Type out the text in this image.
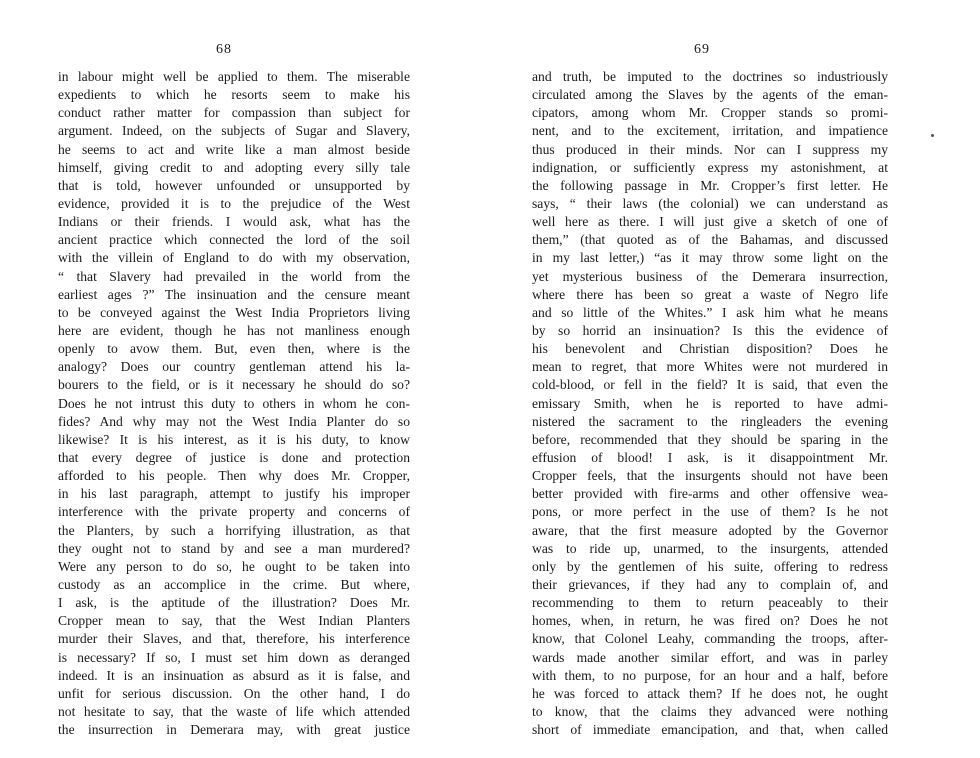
68
in labour might well be applied to them. The miserable
expedients to which he resorts seem to make his
conduct rather matter for compassion than subject for
argument. Indeed, on the subjects of Sugar and Slavery,
he seems to act and write like a man almost beside
himself, giving credit to and adopting every silly tale
that is told, however unfounded or unsupported by
evidence, provided it is to the prejudice of the West
Indians or their friends. I would ask, what has the
ancient practice which connected the lord of the soil
with the villein of England to do with my observation,
“ that Slavery had prevailed in the world from the
earliest ages ?” The insinuation and the censure meant
to be conveyed against the West India Proprietors living
here are evident, though he has not manliness enough
openly to avow them. But, even then, where is the
analogy? Does our country gentleman attend his la-
bourers to the field, or is it necessary he should do so?
Does he not intrust this duty to others in whom he con-
fides? And why may not the West India Planter do so
likewise? It is his interest, as it is his duty, to know
that every degree of justice is done and protection
afforded to his people. Then why does Mr. Cropper,
in his last paragraph, attempt to justify his improper
interference with the private property and concerns of
the Planters, by such a horrifying illustration, as that
they ought not to stand by and see a man murdered?
Were any person to do so, he ought to be taken into
custody as an accomplice in the crime. But where,
I ask, is the aptitude of the illustration? Does Mr.
Cropper mean to say, that the West Indian Planters
murder their Slaves, and that, therefore, his interference
is necessary? If so, I must set him down as deranged
indeed. It is an insinuation as absurd as it is false, and
unfit for serious discussion. On the other hand, I do
not hesitate to say, that the waste of life which attended
the insurrection in Demerara may, with great justice
69
and truth, be imputed to the doctrines so industriously
circulated among the Slaves by the agents of the eman-
cipators, among whom Mr. Cropper stands so promi-
nent, and to the excitement, irritation, and impatience
thus produced in their minds. Nor can I suppress my
indignation, or sufficiently express my astonishment, at
the following passage in Mr. Cropper’s first letter. He
says, “ their laws (the colonial) we can understand as
well here as there. I will just give a sketch of one of
them,” (that quoted as of the Bahamas, and discussed
in my last letter,) “as it may throw some light on the
yet mysterious business of the Demerara insurrection,
where there has been so great a waste of Negro life
and so little of the Whites.” I ask him what he means
by so horrid an insinuation? Is this the evidence of
his benevolent and Christian disposition? Does he
mean to regret, that more Whites were not murdered in
cold-blood, or fell in the field? It is said, that even the
emissary Smith, when he is reported to have admi-
nistered the sacrament to the ringleaders the evening
before, recommended that they should be sparing in the
effusion of blood! I ask, is it disappointment Mr.
Cropper feels, that the insurgents should not have been
better provided with fire-arms and other offensive wea-
pons, or more perfect in the use of them? Is he not
aware, that the first measure adopted by the Governor
was to ride up, unarmed, to the insurgents, attended
only by the gentlemen of his suite, offering to redress
their grievances, if they had any to complain of, and
recommending to them to return peaceably to their
homes, when, in return, he was fired on? Does he not
know, that Colonel Leahy, commanding the troops, after-
wards made another similar effort, and was in parley
with them, to no purpose, for an hour and a half, before
he was forced to attack them? If he does not, he ought
to know, that the claims they advanced were nothing
short of immediate emancipation, and that, when called
